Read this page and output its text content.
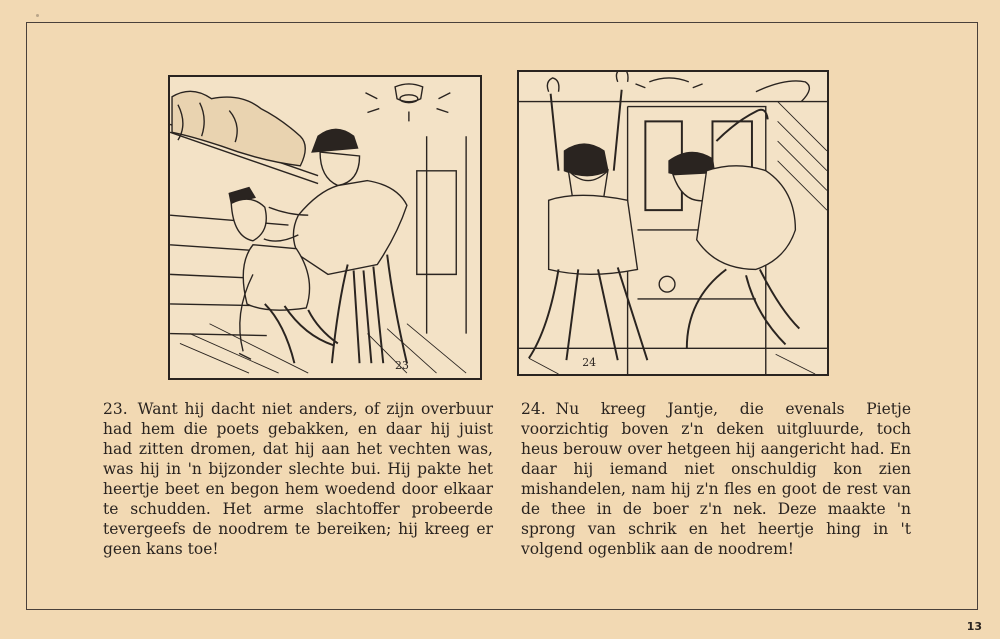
23	24
23. Want hij dacht niet anders, of zijn overbuur had hem die poets gebakken, en daar hij juist had zitten dromen, dat hij aan het vechten was, was hij in 'n bijzonder slechte bui. Hij pakte het heertje beet en begon hem woedend door elkaar te schudden. Het arme slachtoffer probeerde tevergeefs de noodrem te bereiken; hij kreeg er geen kans toe!
24. Nu kreeg Jantje, die evenals Pietje voorzichtig boven z'n deken uitgluurde, toch heus berouw over hetgeen hij aangericht had. En daar hij iemand niet onschuldig kon zien mishandelen, nam hij z'n fles en goot de rest van de thee in de boer z'n nek. Deze maakte 'n sprong van schrik en het heertje hing in 't volgend ogenblik aan de noodrem!
13
